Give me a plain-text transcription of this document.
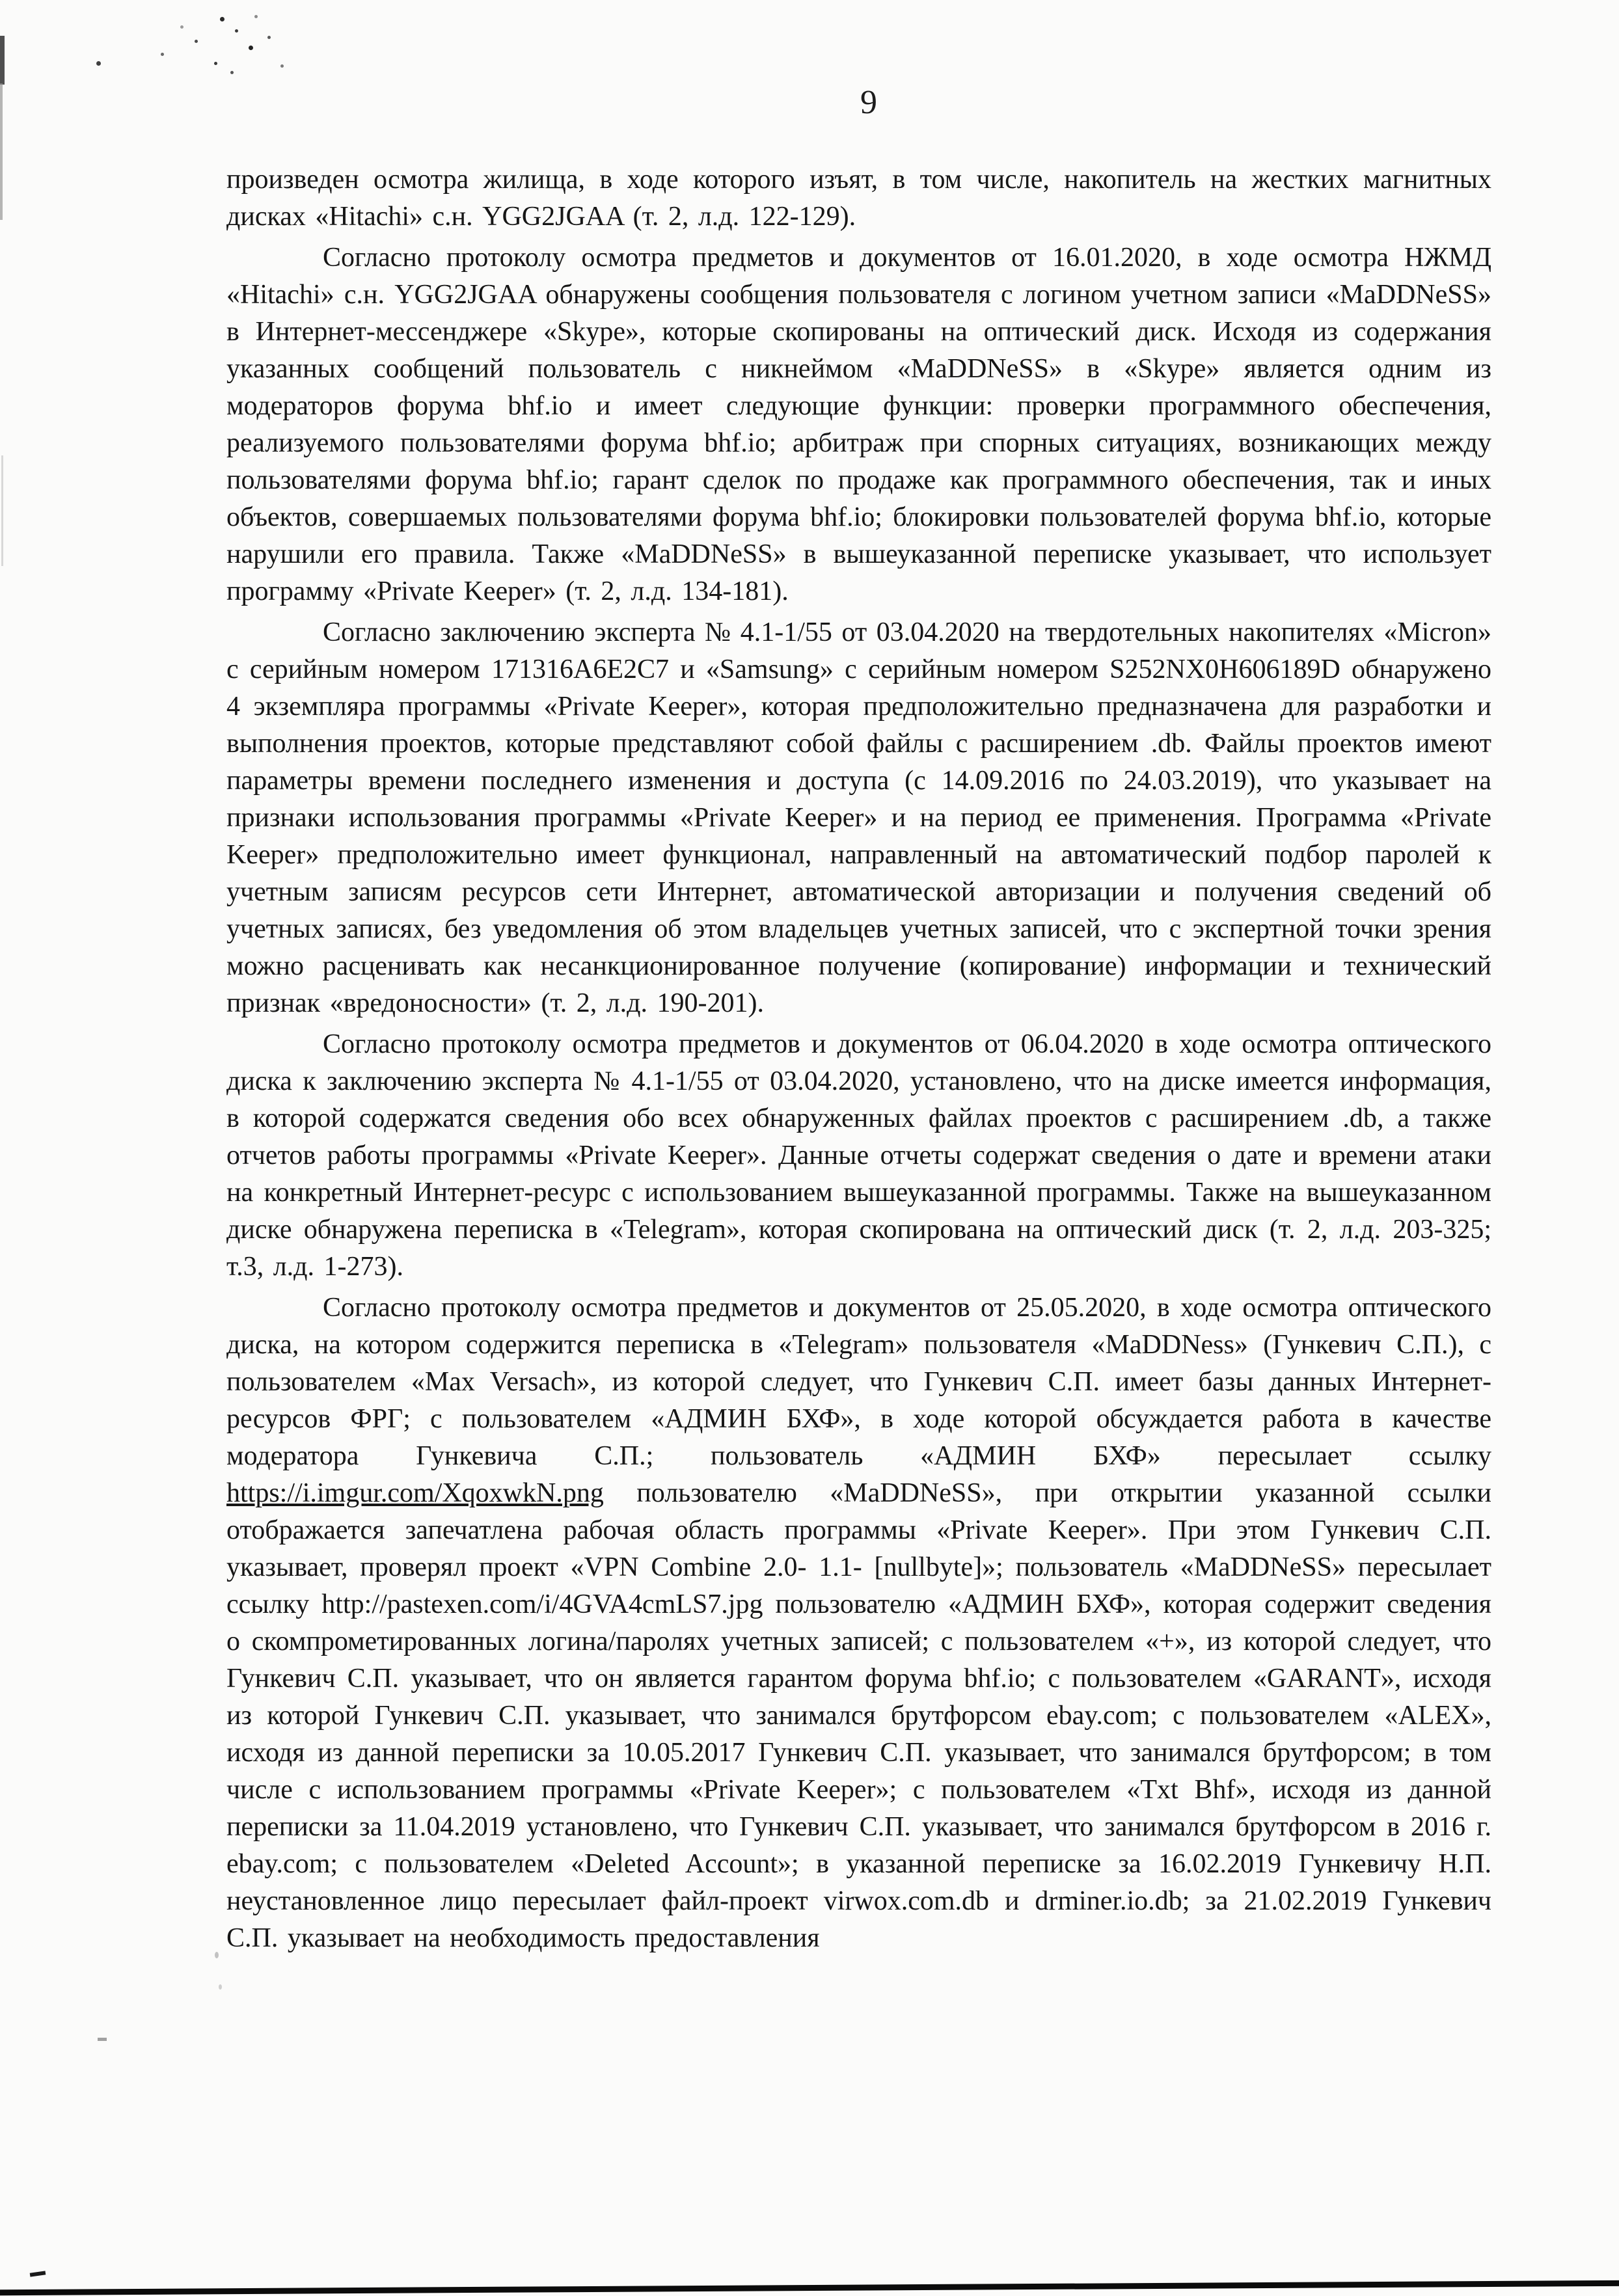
9

произведен осмотра жилища, в ходе которого изъят, в том числе, накопитель на жестких магнитных дисках «Hitachi» с.н. YGG2JGAA (т. 2, л.д. 122-129).

Согласно протоколу осмотра предметов и документов от 16.01.2020, в ходе осмотра НЖМД «Hitachi» с.н. YGG2JGAA обнаружены сообщения пользователя с логином учетном записи «MaDDNeSS» в Интернет-мессенджере «Skype», которые скопированы на оптический диск. Исходя из содержания указанных сообщений пользователь с никнеймом «MaDDNeSS» в «Skype» является одним из модераторов форума bhf.io и имеет следующие функции: проверки программного обеспечения, реализуемого пользователями форума bhf.io; арбитраж при спорных ситуациях, возникающих между пользователями форума bhf.io; гарант сделок по продаже как программного обеспечения, так и иных объектов, совершаемых пользователями форума bhf.io; блокировки пользователей форума bhf.io, которые нарушили его правила. Также «MaDDNeSS» в вышеуказанной переписке указывает, что использует программу «Private Keeper» (т. 2, л.д. 134-181).

Согласно заключению эксперта № 4.1-1/55 от 03.04.2020 на твердотельных накопителях «Micron» с серийным номером 171316А6Е2С7 и «Samsung» с серийным номером S252NX0H606189D обнаружено 4 экземпляра программы «Private Keeper», которая предположительно предназначена для разработки и выполнения проектов, которые представляют собой файлы с расширением .db. Файлы проектов имеют параметры времени последнего изменения и доступа (с 14.09.2016 по 24.03.2019), что указывает на признаки использования программы «Private Keeper» и на период ее применения. Программа «Private Keeper» предположительно имеет функционал, направленный на автоматический подбор паролей к учетным записям ресурсов сети Интернет, автоматической авторизации и получения сведений об учетных записях, без уведомления об этом владельцев учетных записей, что с экспертной точки зрения можно расценивать как несанкционированное получение (копирование) информации и технический признак «вредоносности» (т. 2, л.д. 190-201).

Согласно протоколу осмотра предметов и документов от 06.04.2020 в ходе осмотра оптического диска к заключению эксперта № 4.1-1/55 от 03.04.2020, установлено, что на диске имеется информация, в которой содержатся сведения обо всех обнаруженных файлах проектов с расширением .db, а также отчетов работы программы «Private Keeper». Данные отчеты содержат сведения о дате и времени атаки на конкретный Интернет-ресурс с использованием вышеуказанной программы. Также на вышеуказанном диске обнаружена переписка в «Telegram», которая скопирована на оптический диск (т. 2, л.д. 203-325; т.3, л.д. 1-273).

Согласно протоколу осмотра предметов и документов от 25.05.2020, в ходе осмотра оптического диска, на котором содержится переписка в «Telegram» пользователя «MaDDNess» (Гункевич С.П.), с пользователем «Max Versach», из которой следует, что Гункевич С.П. имеет базы данных Интернет-ресурсов ФРГ; с пользователем «АДМИН БХФ», в ходе которой обсуждается работа в качестве модератора Гункевича С.П.; пользователь «АДМИН БХФ» пересылает ссылку https://i.imgur.com/XqoxwkN.png пользователю «MaDDNeSS», при открытии указанной ссылки отображается запечатлена рабочая область программы «Private Keeper». При этом Гункевич С.П. указывает, проверял проект «VPN Combine 2.0- 1.1- [nullbyte]»; пользователь «MaDDNeSS» пересылает ссылку http://pastexen.com/i/4GVA4cmLS7.jpg пользователю «АДМИН БХФ», которая содержит сведения о скомпрометированных логина/паролях учетных записей; с пользователем «+», из которой следует, что Гункевич С.П. указывает, что он является гарантом форума bhf.io; с пользователем «GARANT», исходя из которой Гункевич С.П. указывает, что занимался брутфорсом ebay.com; с пользователем «ALEX», исходя из данной переписки за 10.05.2017 Гункевич С.П. указывает, что занимался брутфорсом; в том числе с использованием программы «Private Keeper»; с пользователем «Txt Bhf», исходя из данной переписки за 11.04.2019 установлено, что Гункевич С.П. указывает, что занимался брутфорсом в 2016 г. ebay.com; с пользователем «Deleted Account»; в указанной переписке за 16.02.2019 Гункевичу Н.П. неустановленное лицо пересылает файл-проект virwox.com.db и drminer.io.db; за 21.02.2019 Гункевич С.П. указывает на необходимость предоставления
